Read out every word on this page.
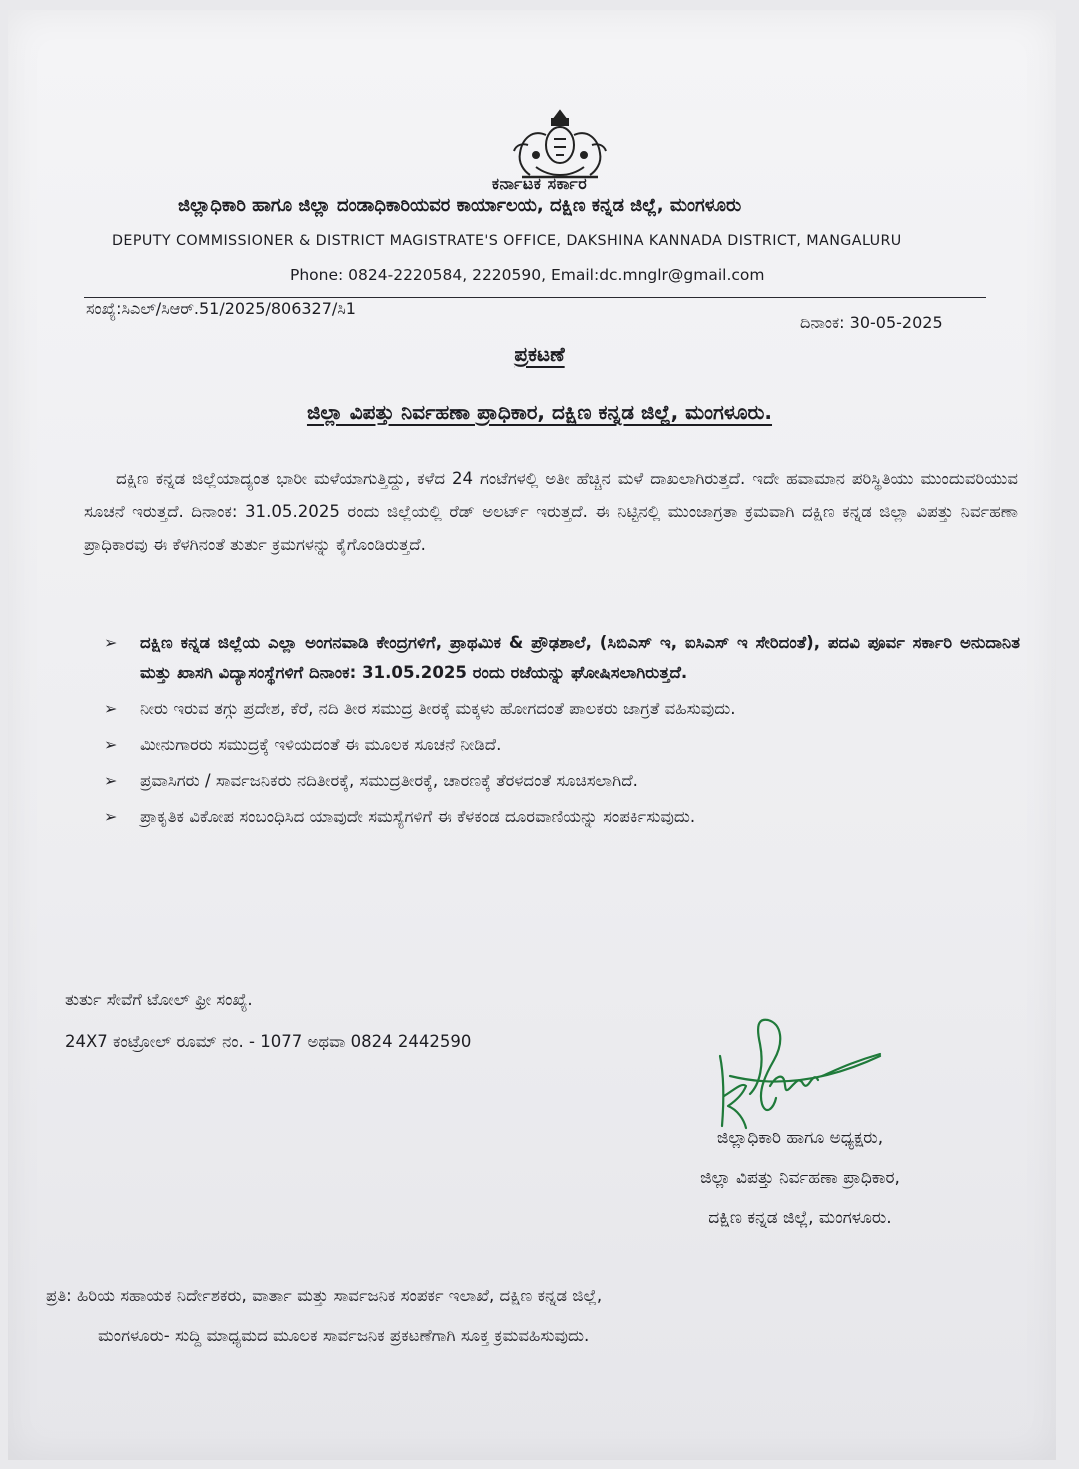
ಕರ್ನಾಟಕ ಸರ್ಕಾರ
ಜಿಲ್ಲಾಧಿಕಾರಿ ಹಾಗೂ ಜಿಲ್ಲಾ ದಂಡಾಧಿಕಾರಿಯವರ ಕಾರ್ಯಾಲಯ, ದಕ್ಷಿಣ ಕನ್ನಡ ಜಿಲ್ಲೆ, ಮಂಗಳೂರು
DEPUTY COMMISSIONER & DISTRICT MAGISTRATE'S OFFICE, DAKSHINA KANNADA DISTRICT, MANGALURU
Phone: 0824-2220584, 2220590, Email:dc.mnglr@gmail.com
ಸಂಖ್ಯೆ:ಸಿಎಲ್/ಸಿಆರ್.51/2025/806327/ಸಿ1
ದಿನಾಂಕ: 30-05-2025
ಪ್ರಕಟಣೆ
ಜಿಲ್ಲಾ ವಿಪತ್ತು ನಿರ್ವಹಣಾ ಪ್ರಾಧಿಕಾರ, ದಕ್ಷಿಣ ಕನ್ನಡ ಜಿಲ್ಲೆ, ಮಂಗಳೂರು.
ದಕ್ಷಿಣ ಕನ್ನಡ ಜಿಲ್ಲೆಯಾದ್ಯಂತ ಭಾರೀ ಮಳೆಯಾಗುತ್ತಿದ್ದು, ಕಳೆದ 24 ಗಂಟೆಗಳಲ್ಲಿ ಅತೀ ಹೆಚ್ಚಿನ ಮಳೆ ದಾಖಲಾಗಿರುತ್ತದೆ. ಇದೇ ಹವಾಮಾನ ಪರಿಸ್ಥಿತಿಯು ಮುಂದುವರಿಯುವ ಸೂಚನೆ ಇರುತ್ತದೆ. ದಿನಾಂಕ: 31.05.2025 ರಂದು ಜಿಲ್ಲೆಯಲ್ಲಿ ರೆಡ್ ಅಲರ್ಟ್ ಇರುತ್ತದೆ. ಈ ನಿಟ್ಟಿನಲ್ಲಿ ಮುಂಜಾಗ್ರತಾ ಕ್ರಮವಾಗಿ ದಕ್ಷಿಣ ಕನ್ನಡ ಜಿಲ್ಲಾ ವಿಪತ್ತು ನಿರ್ವಹಣಾ ಪ್ರಾಧಿಕಾರವು ಈ ಕೆಳಗಿನಂತೆ ತುರ್ತು ಕ್ರಮಗಳನ್ನು ಕೈಗೊಂಡಿರುತ್ತದೆ.
➢ ದಕ್ಷಿಣ ಕನ್ನಡ ಜಿಲ್ಲೆಯ ಎಲ್ಲಾ ಅಂಗನವಾಡಿ ಕೇಂದ್ರಗಳಿಗೆ, ಪ್ರಾಥಮಿಕ & ಪ್ರೌಢಶಾಲೆ, (ಸಿಬಿಎಸ್ ಇ, ಐಸಿಎಸ್ ಇ ಸೇರಿದಂತೆ), ಪದವಿ ಪೂರ್ವ ಸರ್ಕಾರಿ ಅನುದಾನಿತ ಮತ್ತು ಖಾಸಗಿ ವಿದ್ಯಾಸಂಸ್ಥೆಗಳಿಗೆ ದಿನಾಂಕ: 31.05.2025 ರಂದು ರಜೆಯನ್ನು ಘೋಷಿಸಲಾಗಿರುತ್ತದೆ.
➢ ನೀರು ಇರುವ ತಗ್ಗು ಪ್ರದೇಶ, ಕೆರೆ, ನದಿ ತೀರ ಸಮುದ್ರ ತೀರಕ್ಕೆ ಮಕ್ಕಳು ಹೋಗದಂತೆ ಪಾಲಕರು ಜಾಗ್ರತೆ ವಹಿಸುವುದು.
➢ ಮೀನುಗಾರರು ಸಮುದ್ರಕ್ಕೆ ಇಳಿಯದಂತೆ ಈ ಮೂಲಕ ಸೂಚನೆ ನೀಡಿದೆ.
➢ ಪ್ರವಾಸಿಗರು / ಸಾರ್ವಜನಿಕರು ನದಿತೀರಕ್ಕೆ, ಸಮುದ್ರತೀರಕ್ಕೆ, ಚಾರಣಕ್ಕೆ ತೆರಳದಂತೆ ಸೂಚಿಸಲಾಗಿದೆ.
➢ ಪ್ರಾಕೃತಿಕ ವಿಕೋಪ ಸಂಬಂಧಿಸಿದ ಯಾವುದೇ ಸಮಸ್ಯೆಗಳಿಗೆ ಈ ಕೆಳಕಂಡ ದೂರವಾಣಿಯನ್ನು ಸಂಪರ್ಕಿಸುವುದು.
ತುರ್ತು ಸೇವೆಗೆ ಟೋಲ್ ಫ್ರೀ ಸಂಖ್ಯೆ.
24X7 ಕಂಟ್ರೋಲ್ ರೂಮ್ ನಂ. - 1077 ಅಥವಾ 0824 2442590
ಜಿಲ್ಲಾಧಿಕಾರಿ ಹಾಗೂ ಅಧ್ಯಕ್ಷರು,
ಜಿಲ್ಲಾ ವಿಪತ್ತು ನಿರ್ವಹಣಾ ಪ್ರಾಧಿಕಾರ,
ದಕ್ಷಿಣ ಕನ್ನಡ ಜಿಲ್ಲೆ, ಮಂಗಳೂರು.
ಪ್ರತಿ: ಹಿರಿಯ ಸಹಾಯಕ ನಿರ್ದೇಶಕರು, ವಾರ್ತಾ ಮತ್ತು ಸಾರ್ವಜನಿಕ ಸಂಪರ್ಕ ಇಲಾಖೆ, ದಕ್ಷಿಣ ಕನ್ನಡ ಜಿಲ್ಲೆ,
ಮಂಗಳೂರು- ಸುದ್ದಿ ಮಾಧ್ಯಮದ ಮೂಲಕ ಸಾರ್ವಜನಿಕ ಪ್ರಕಟಣೆಗಾಗಿ ಸೂಕ್ತ ಕ್ರಮವಹಿಸುವುದು.
